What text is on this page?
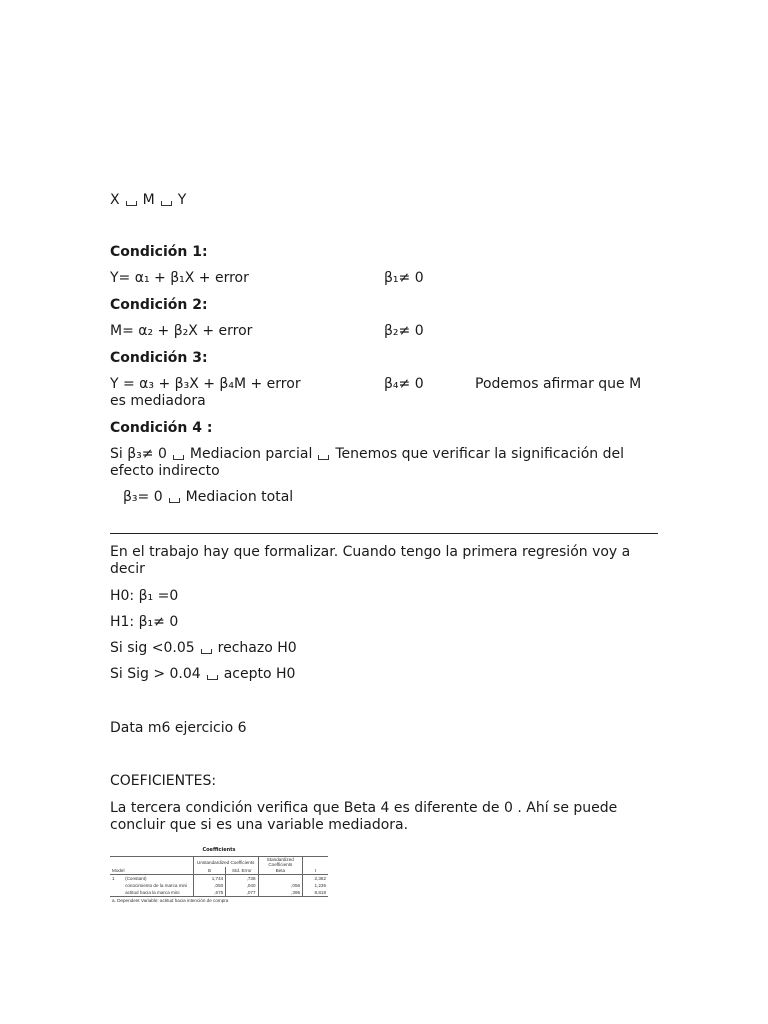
X M Y
Condición 1:
Y= α₁ + β₁X + error	β₁≠ 0
Condición 2:
M= α₂ + β₂X + error	β₂≠ 0
Condición 3:
Y = α₃ + β₃X + β₄M + error	β₄≠ 0	Podemos afirmar que M
es mediadora
Condición 4 :
Si β₃≠ 0 Mediacion parcial Tenemos que verificar la significación del
efecto indirecto
β₃= 0 Mediacion total
En el trabajo hay que formalizar. Cuando tengo la primera regresión voy a decir
H0: β₁ =0
H1: β₁≠ 0
Si sig <0.05 rechazo H0
Si Sig > 0.04 acepto H0
Data m6 ejercicio 6
COEFICIENTES:
La tercera condición verifica que Beta 4 es diferente de 0 . Ahí se puede concluir que si es una variable mediadora.
Coefficients
		Unstandardized Coefficients		Standardized Coefficients	
Model		B	Std. Error	Beta	t
1	(Constant)	1,744	,738		2,362
	conocimiento de la marca mini	,050	,040	,056	1,235
	actitud hacia la marca mini	,675	,077	,395	8,818
a. Dependent Variable: actitud hacia intención de compra					
